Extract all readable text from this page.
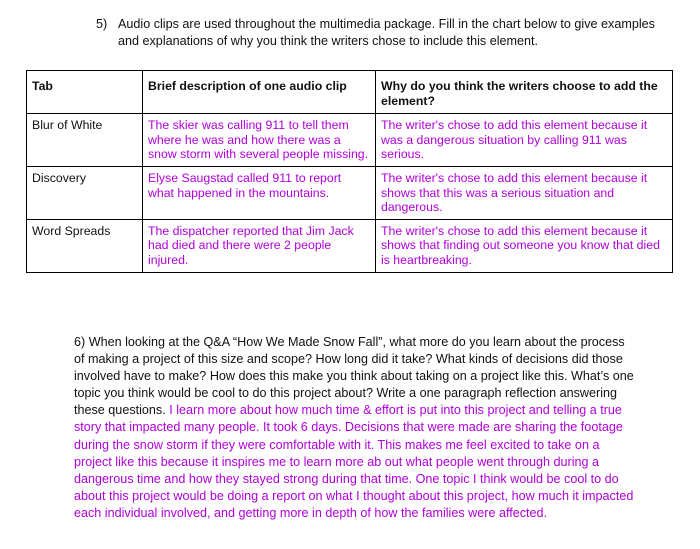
5) Audio clips are used throughout the multimedia package. Fill in the chart below to give examples and explanations of why you think the writers chose to include this element.
Tab	Brief description of one audio clip	Why do you think the writers choose to add the element?
Blur of White	The skier was calling 911 to tell them where he was and how there was a snow storm with several people missing.	The writer's chose to add this element because it was a dangerous situation by calling 911 was serious.
Discovery	Elyse Saugstad called 911 to report what happened in the mountains.	The writer's chose to add this element because it shows that this was a serious situation and dangerous.
Word Spreads	The dispatcher reported that Jim Jack had died and there were 2 people injured.	The writer's chose to add this element because it shows that finding out someone you know that died is heartbreaking.
6) When looking at the Q&A “How We Made Snow Fall”, what more do you learn about the process of making a project of this size and scope? How long did it take? What kinds of decisions did those involved have to make? How does this make you think about taking on a project like this. What’s one topic you think would be cool to do this project about? Write a one paragraph reflection answering these questions. I learn more about how much time & effort is put into this project and telling a true story that impacted many people. It took 6 days. Decisions that were made are sharing the footage during the snow storm if they were comfortable with it. This makes me feel excited to take on a project like this because it inspires me to learn more ab out what people went through during a dangerous time and how they stayed strong during that time. One topic I think would be cool to do about this project would be doing a report on what I thought about this project, how much it impacted each individual involved, and getting more in depth of how the families were affected.
